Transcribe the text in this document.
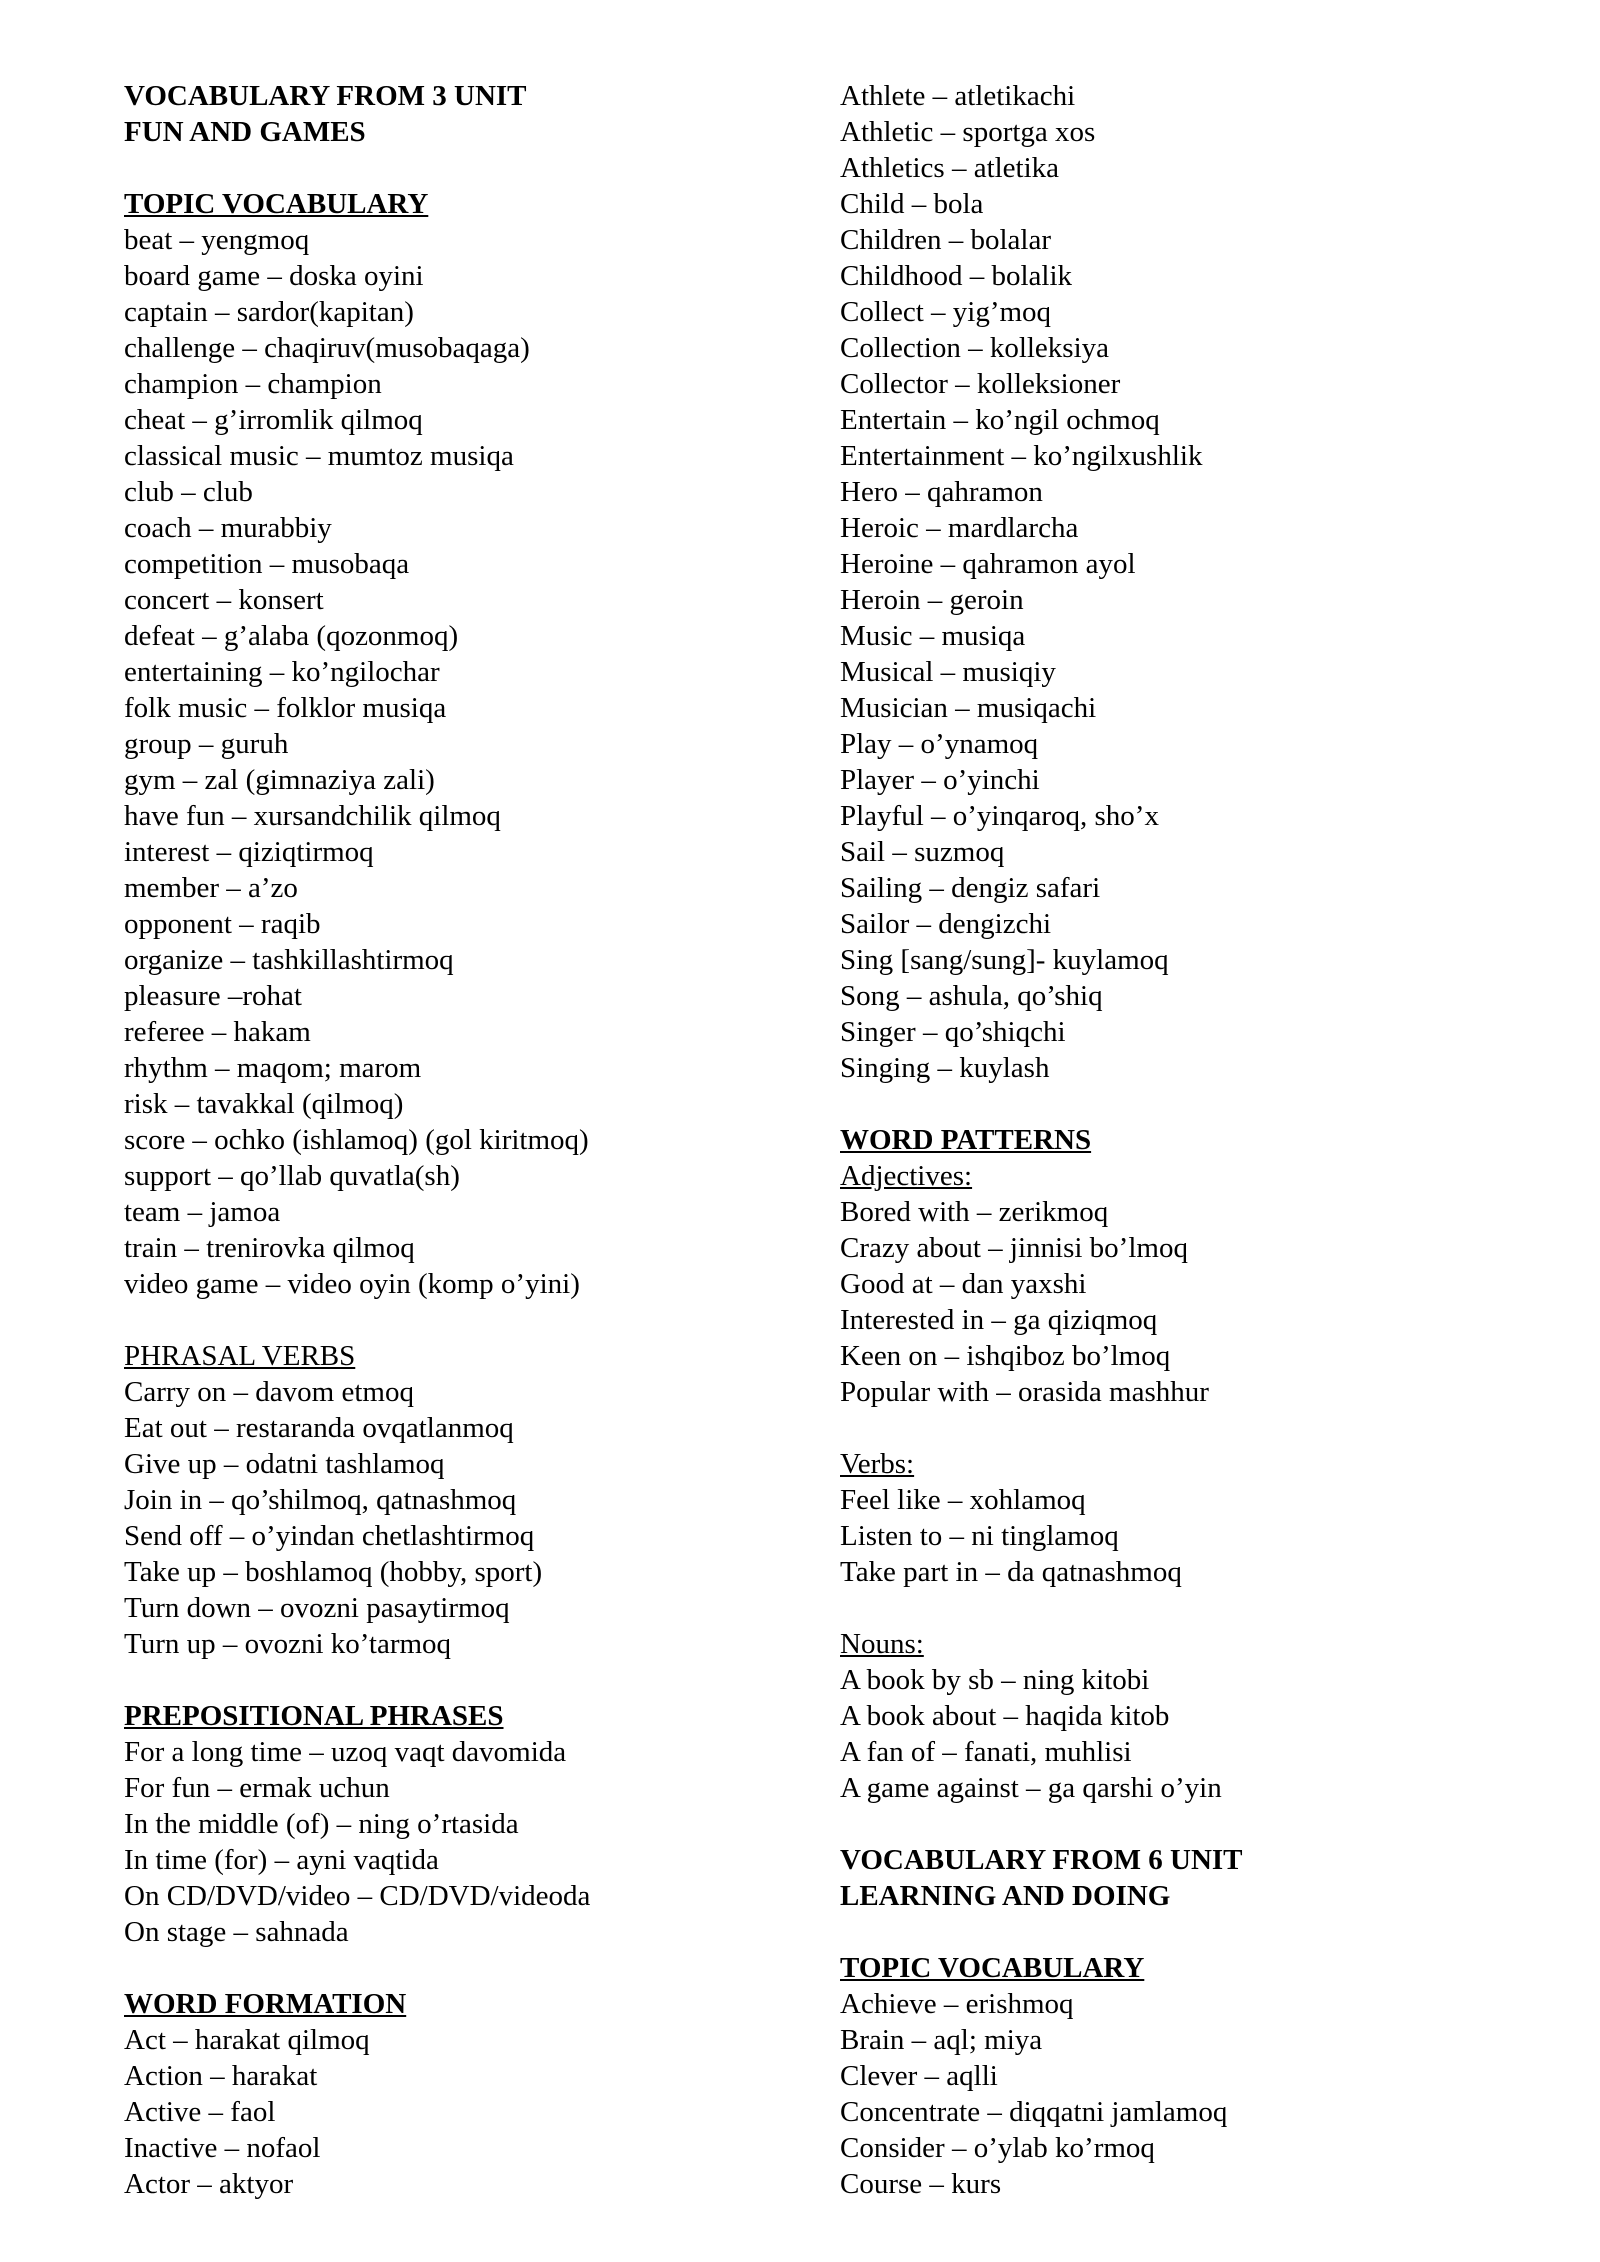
VOCABULARY FROM 3 UNIT
FUN AND GAMES
TOPIC VOCABULARY
beat – yengmoq
board game – doska oyini
captain – sardor(kapitan)
challenge – chaqiruv(musobaqaga)
champion – champion
cheat – g’irromlik qilmoq
classical music – mumtoz musiqa
club – club
coach – murabbiy
competition – musobaqa
concert – konsert
defeat – g’alaba (qozonmoq)
entertaining – ko’ngilochar
folk music – folklor musiqa
group – guruh
gym – zal (gimnaziya zali)
have fun – xursandchilik qilmoq
interest – qiziqtirmoq
member – a’zo
opponent – raqib
organize – tashkillashtirmoq
pleasure –rohat
referee – hakam
rhythm – maqom; marom
risk – tavakkal (qilmoq)
score – ochko (ishlamoq) (gol kiritmoq)
support – qo’llab quvatla(sh)
team – jamoa
train – trenirovka qilmoq
video game – video oyin (komp o’yini)
PHRASAL VERBS
Carry on – davom etmoq
Eat out – restaranda ovqatlanmoq
Give up – odatni tashlamoq
Join in – qo’shilmoq, qatnashmoq
Send off – o’yindan chetlashtirmoq
Take up – boshlamoq (hobby, sport)
Turn down – ovozni pasaytirmoq
Turn up – ovozni ko’tarmoq
PREPOSITIONAL PHRASES
For a long time – uzoq vaqt davomida
For fun – ermak uchun
In the middle (of) – ning o’rtasida
In time (for) – ayni vaqtida
On CD/DVD/video – CD/DVD/videoda
On stage – sahnada
WORD FORMATION
Act – harakat qilmoq
Action – harakat
Active – faol
Inactive – nofaol
Actor – aktyor
Athlete – atletikachi
Athletic – sportga xos
Athletics – atletika
Child – bola
Children – bolalar
Childhood – bolalik
Collect – yig’moq
Collection – kolleksiya
Collector – kolleksioner
Entertain – ko’ngil ochmoq
Entertainment – ko’ngilxushlik
Hero – qahramon
Heroic – mardlarcha
Heroine – qahramon ayol
Heroin – geroin
Music – musiqa
Musical – musiqiy
Musician – musiqachi
Play – o’ynamoq
Player – o’yinchi
Playful – o’yinqaroq, sho’x
Sail – suzmoq
Sailing – dengiz safari
Sailor – dengizchi
Sing [sang/sung]- kuylamoq
Song – ashula, qo’shiq
Singer – qo’shiqchi
Singing – kuylash
WORD PATTERNS
Adjectives:
Bored with – zerikmoq
Crazy about – jinnisi bo’lmoq
Good at – dan yaxshi
Interested in – ga qiziqmoq
Keen on – ishqiboz bo’lmoq
Popular with – orasida mashhur
Verbs:
Feel like – xohlamoq
Listen to – ni tinglamoq
Take part in – da qatnashmoq
Nouns:
A book by sb – ning kitobi
A book about – haqida kitob
A fan of – fanati, muhlisi
A game against – ga qarshi o’yin
VOCABULARY FROM 6 UNIT
LEARNING AND DOING
TOPIC VOCABULARY
Achieve – erishmoq
Brain – aql; miya
Clever – aqlli
Concentrate – diqqatni jamlamoq
Consider – o’ylab ko’rmoq
Course – kurs
